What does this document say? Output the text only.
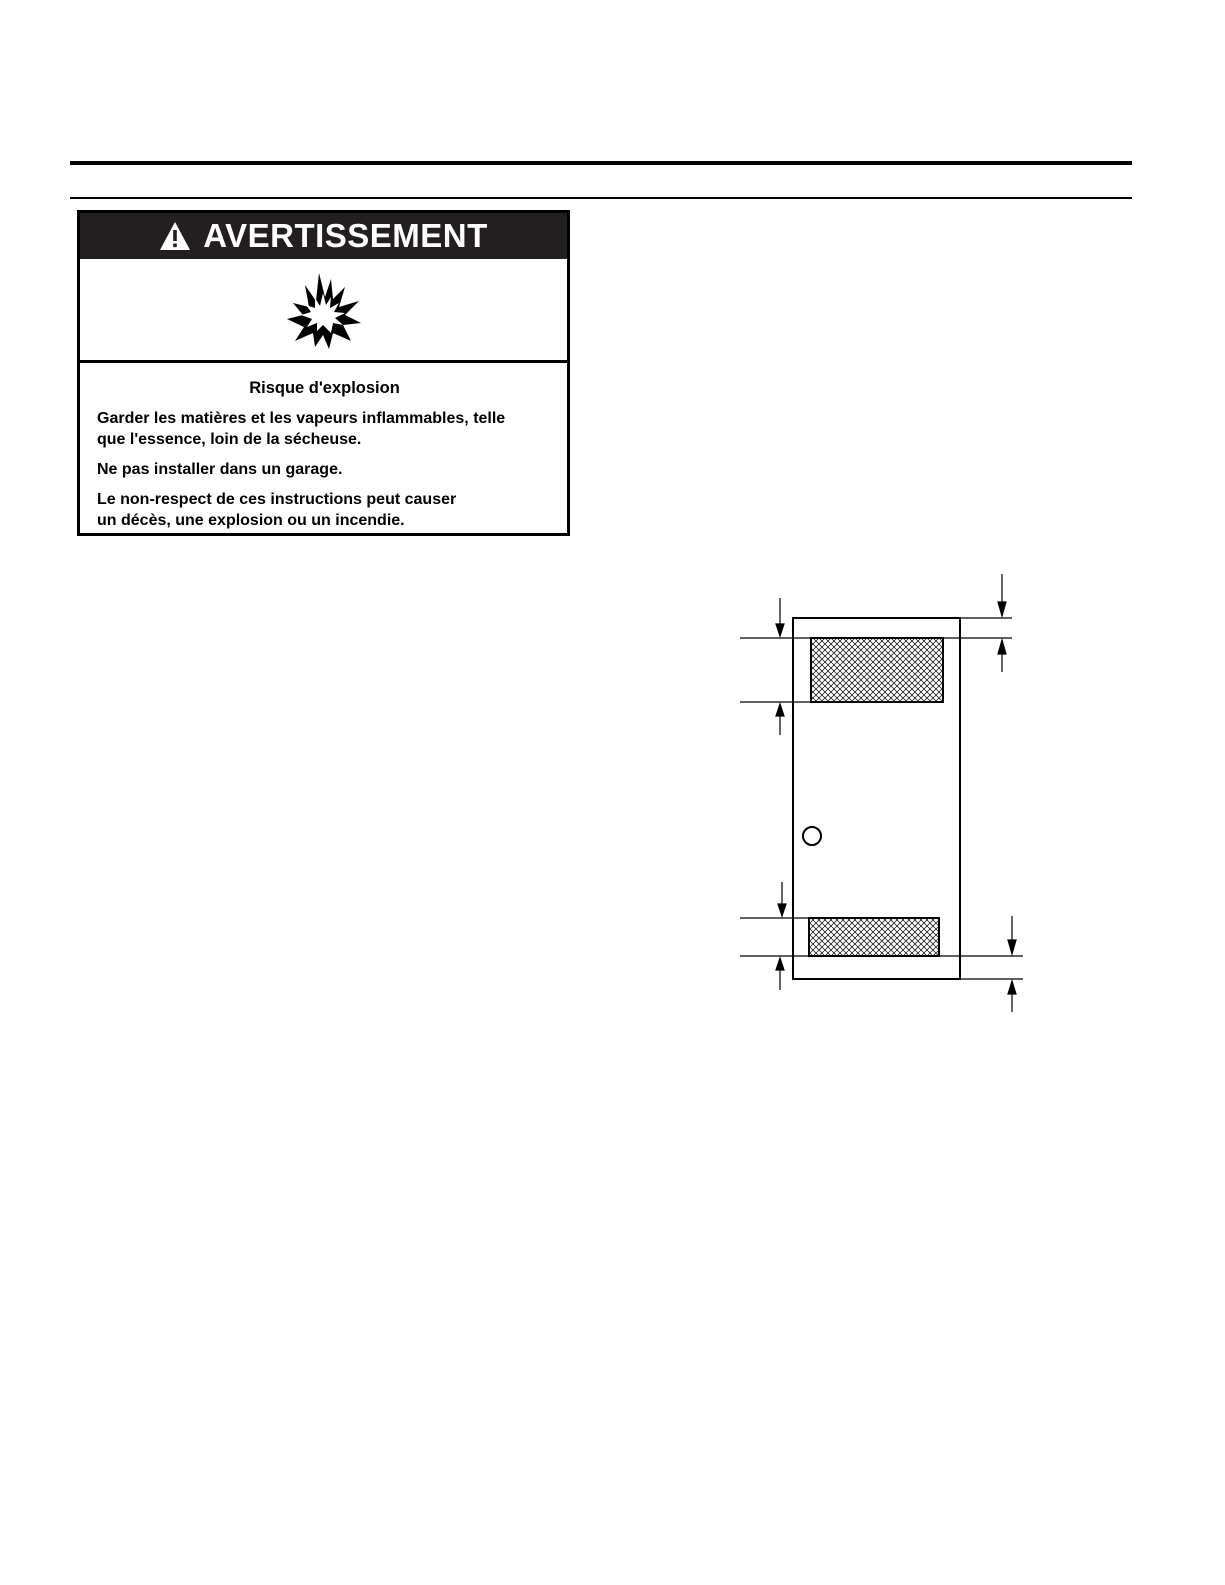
AVERTISSEMENT

Risque d'explosion

Garder les matières et les vapeurs inflammables, telle
que l'essence, loin de la sécheuse.

Ne pas installer dans un garage.

Le non-respect de ces instructions peut causer
un décès, une explosion ou un incendie.
